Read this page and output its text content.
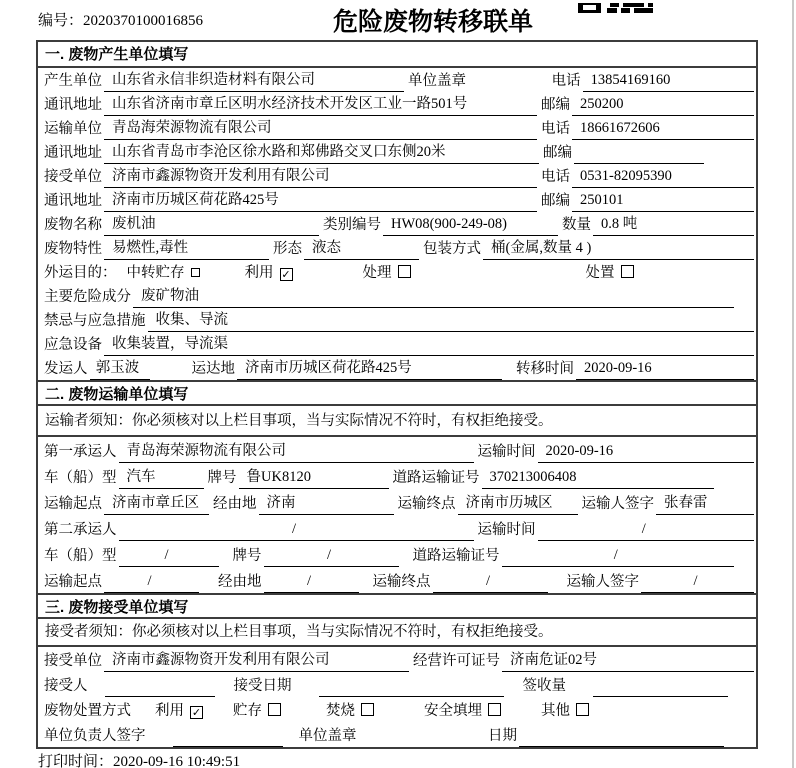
编号：2020370100016856	危险废物转移联单
一. 废物产生单位填写
产生单位 山东省永信非织造材料有限公司	单位盖章	电话 13854169160
通讯地址 山东省济南市章丘区明水经济技术开发区工业一路501号	邮编 250200
运输单位 青岛海荣源物流有限公司	电话 18661672606
通讯地址 山东省青岛市李沧区徐水路和郑佛路交叉口东侧20米	邮编
接受单位 济南市鑫源物资开发利用有限公司	电话 0531-82095390
通讯地址 济南市历城区荷花路425号	邮编 250101
废物名称 废机油	类别编号 HW08(900-249-08)	数量 0.8 吨
废物特性 易燃性,毒性	形态 液态	包装方式 桶(金属,数量 4 )
外运目的： 中转贮存	利用 ✓	处理	处置
主要危险成分 废矿物油
禁忌与应急措施 收集、导流
应急设备 收集装置，导流渠
发运人 郭玉波	运达地 济南市历城区荷花路425号	转移时间 2020-09-16
二. 废物运输单位填写
运输者须知：你必须核对以上栏目事项，当与实际情况不符时，有权拒绝接受。
第一承运人 青岛海荣源物流有限公司	运输时间 2020-09-16
车（船）型 汽车	牌号 鲁UK8120	道路运输证号 370213006408
运输起点 济南市章丘区 经由地 济南	运输终点 济南市历城区	运输人签字 张春雷
第二承运人	/	运输时间	/
车（船）型	/	牌号	/	道路运输证号	/
运输起点	/	经由地	/	运输终点	/	运输人签字	/
三. 废物接受单位填写
接受者须知：你必须核对以上栏目事项，当与实际情况不符时，有权拒绝接受。
接受单位 济南市鑫源物资开发利用有限公司	经营许可证号 济南危证02号
接受人	接受日期	签收量
废物处置方式 利用 ✓ 贮存	焚烧	安全填埋	其他
单位负责人签字	单位盖章	日期
打印时间：2020-09-16 10:49:51
